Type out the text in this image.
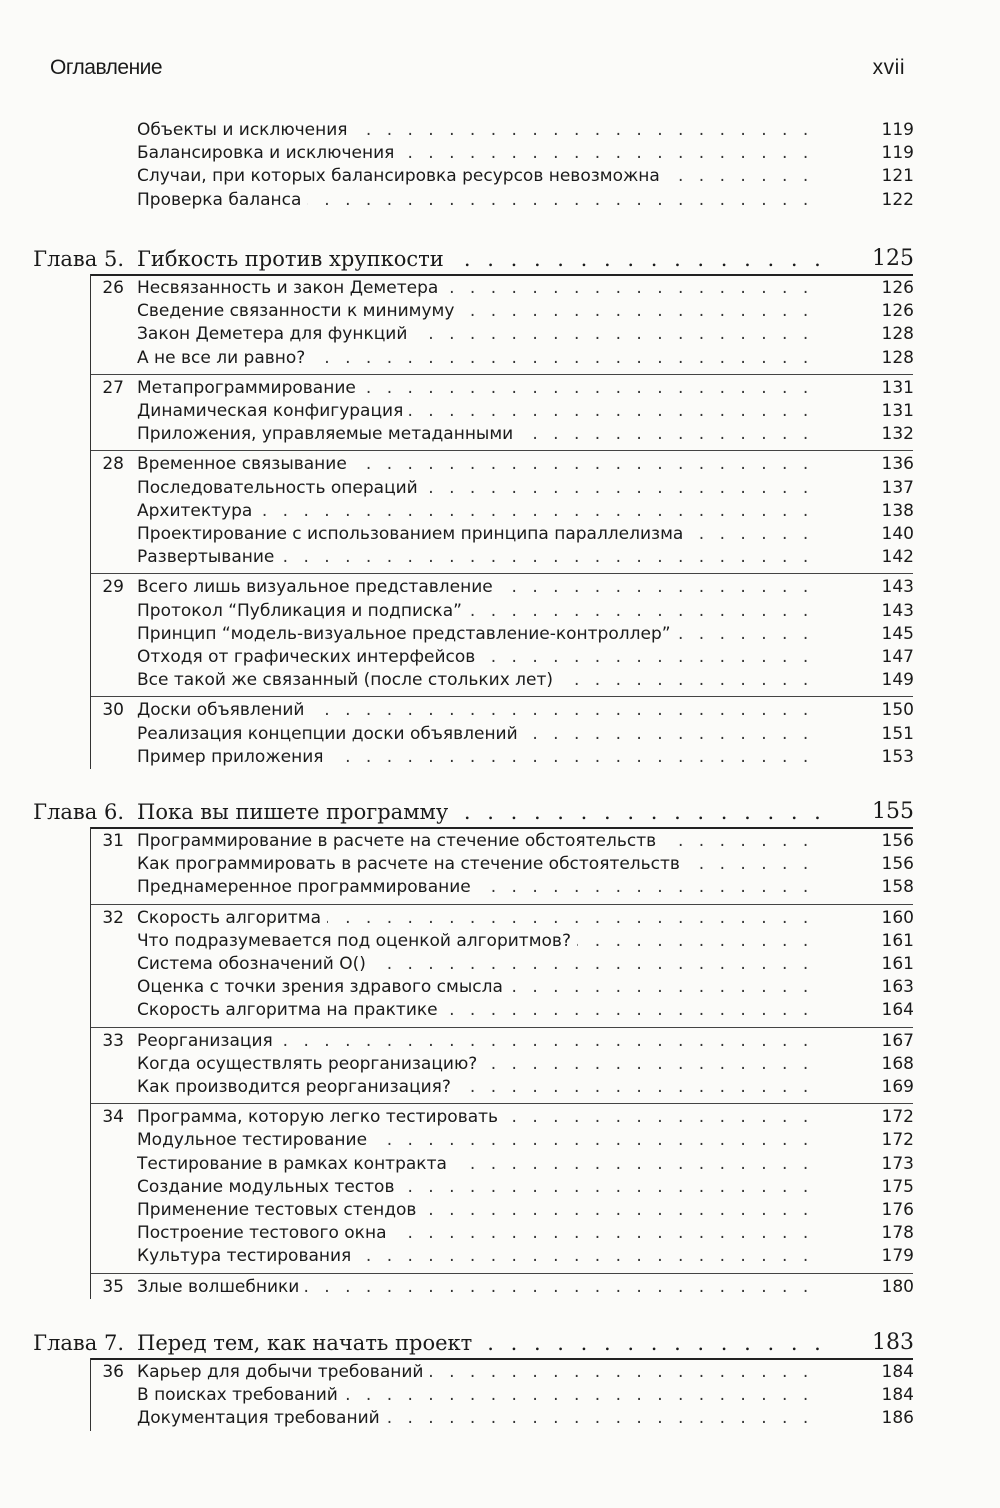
Оглавление	xvii
Объекты и исключения . . .	119
Балансировка и исключения . . .	119
Случаи, при которых балансировка ресурсов невозможна . . .	121
Проверка баланса . . .	122
Глава 5. Гибкость против хрупкости . . .	125
26 Несвязанность и закон Деметера . . .	126
Сведение связанности к минимуму . . .	126
Закон Деметера для функций . . .	128
А не все ли равно? . . .	128
27 Метапрограммирование . . .	131
Динамическая конфигурация . . .	131
Приложения, управляемые метаданными . . .	132
28 Временное связывание . . .	136
Последовательность операций . . .	137
Архитектура . . .	138
Проектирование с использованием принципа параллелизма . . .	140
Развертывание . . .	142
29 Всего лишь визуальное представление . . .	143
Протокол “Публикация и подписка” . . .	143
Принцип “модель-визуальное представление-контроллер” . . .	145
Отходя от графических интерфейсов . . .	147
Все такой же связанный (после стольких лет) . . .	149
30 Доски объявлений . . .	150
Реализация концепции доски объявлений . . .	151
Пример приложения . . .	153
Глава 6. Пока вы пишете программу . . .	155
31 Программирование в расчете на стечение обстоятельств . . .	156
Как программировать в расчете на стечение обстоятельств . . .	156
Преднамеренное программирование . . .	158
32 Скорость алгоритма . . .	160
Что подразумевается под оценкой алгоритмов? . . .	161
Система обозначений O() . . .	161
Оценка с точки зрения здравого смысла . . .	163
Скорость алгоритма на практике . . .	164
33 Реорганизация . . .	167
Когда осуществлять реорганизацию? . . .	168
Как производится реорганизация? . . .	169
34 Программа, которую легко тестировать . . .	172
Модульное тестирование . . .	172
Тестирование в рамках контракта . . .	173
Создание модульных тестов . . .	175
Применение тестовых стендов . . .	176
Построение тестового окна . . .	178
Культура тестирования . . .	179
35 Злые волшебники . . .	180
Глава 7. Перед тем, как начать проект . . .	183
36 Карьер для добычи требований . . .	184
В поисках требований . . .	184
Документация требований . . .	186
